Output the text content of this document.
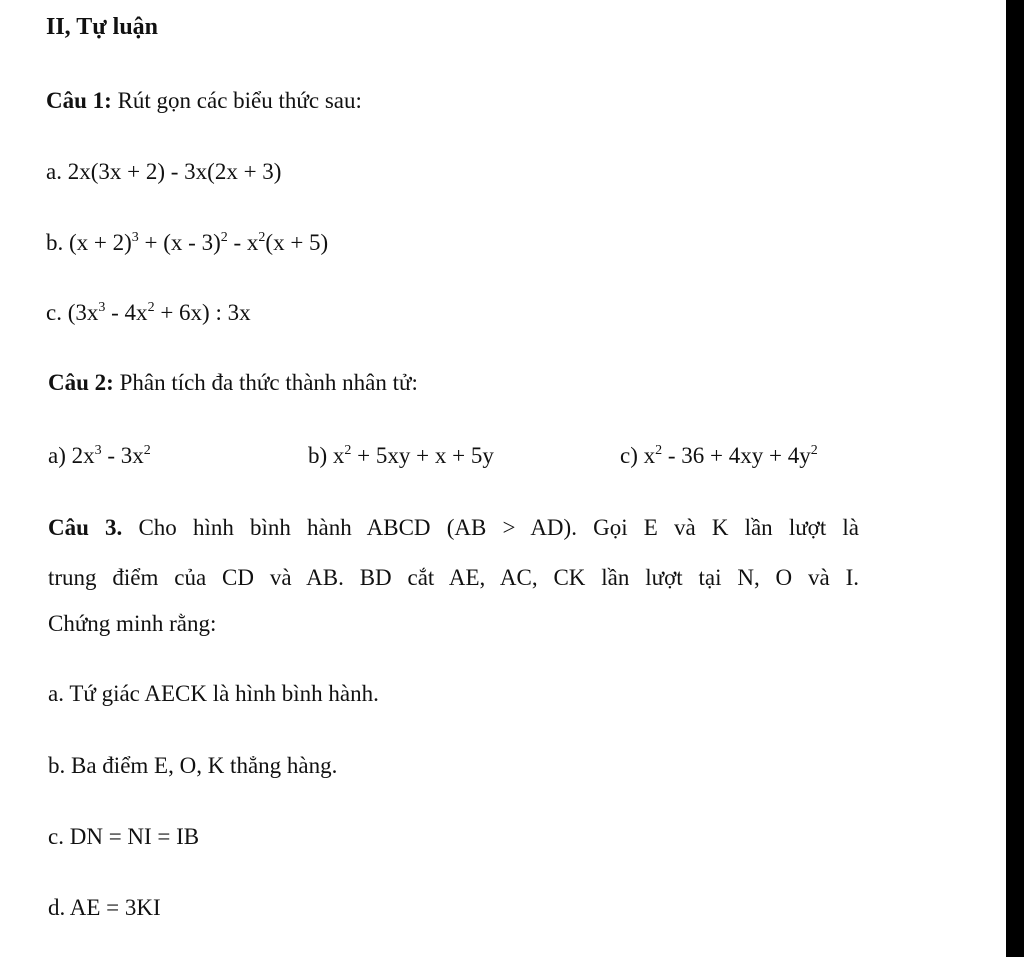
II, Tự luận
Câu 1: Rút gọn các biểu thức sau:
a. 2x(3x + 2) - 3x(2x + 3)
b. $(x + 2)^3 + (x - 3)^2 - x^2(x + 5)$
c. $(3x^3 - 4x^2 + 6x)$ : 3x
Câu 2: Phân tích đa thức thành nhân tử:
a) $2x^3 - 3x^2$	b) $x^2 + 5xy + x + 5y$	c) $x^2 - 36 + 4xy + 4y^2$
Câu 3. Cho hình bình hành ABCD (AB > AD). Gọi E và K lần lượt là
trung điểm của CD và AB. BD cắt AE, AC, CK lần lượt tại N, O và I.
Chứng minh rằng:
a. Tứ giác AECK là hình bình hành.
b. Ba điểm E, O, K thẳng hàng.
c. DN = NI = IB
d. AE = 3KI
